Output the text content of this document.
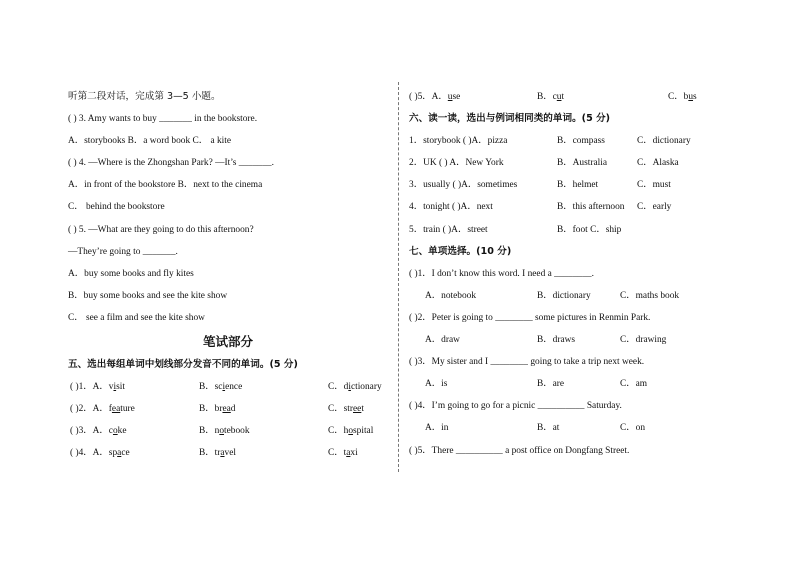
听第二段对话，完成第 3—5 小题。
( ) 3. Amy wants to buy _______ in the bookstore.
A．storybooks B．a word book C． a kite
( ) 4. —Where is the Zhongshan Park? —It’s _______.
A．in front of the bookstore B．next to the cinema
C． behind the bookstore
( ) 5. —What are they going to do this afternoon?
—They’re going to _______.
A．buy some books and fly kites
B．buy some books and see the kite show
C． see a film and see the kite show
笔试部分
五、选出每组单词中划线部分发音不同的单词。(5 分)
( )1．A．visit	B．science	C．dictionary
( )2．A．feature	B．bread	C．street
( )3．A．coke	B．notebook	C．hospital
( )4．A．space	B．travel	C．taxi
( )5．A．use	B．cut	C．bus
六、读一读，选出与例词相同类的单词。(5 分)
1．storybook ( )A．pizza	B．compass	C．dictionary
2．UK ( ) A．New York	B．Australia	C．Alaska
3．usually ( )A．sometimes	B．helmet	C．must
4．tonight ( )A．next	B．this afternoon C．early
5．train ( )A．street	B．foot C．ship
七、单项选择。(10 分)
( )1．I don’t know this word. I need a ________.
A．notebook	B．dictionary	C．maths book
( )2．Peter is going to ________ some pictures in Renmin Park.
A．draw	B．draws	C．drawing
( )3．My sister and I ________ going to take a trip next week.
A．is	B．are	C．am
( )4．I’m going to go for a picnic __________ Saturday.
A．in	B．at	C．on
( )5．There __________ a post office on Dongfang Street.
